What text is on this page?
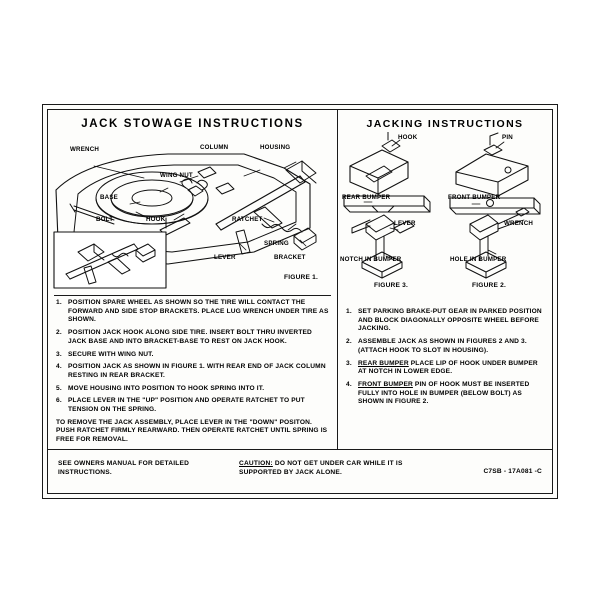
JACK STOWAGE INSTRUCTIONS
WRENCH	COLUMN	HOUSING
WING NUT
BASE
BOLT	HOOK	RATCHET
SPRING
LEVER	BRACKET
FIGURE 1.
1. POSITION SPARE WHEEL AS SHOWN SO THE TIRE WILL CONTACT THE FORWARD AND SIDE STOP BRACKETS. PLACE LUG WRENCH UNDER TIRE AS SHOWN.
2. POSITION JACK HOOK ALONG SIDE TIRE. INSERT BOLT THRU INVERTED JACK BASE AND INTO BRACKET-BASE TO REST ON JACK HOOK.
3. SECURE WITH WING NUT.
4. POSITION JACK AS SHOWN IN FIGURE 1. WITH REAR END OF JACK COLUMN RESTING IN REAR BRACKET.
5. MOVE HOUSING INTO POSITION TO HOOK SPRING INTO IT.
6. PLACE LEVER IN THE "UP" POSITION AND OPERATE RATCHET TO PUT TENSION ON THE SPRING.
TO REMOVE THE JACK ASSEMBLY, PLACE LEVER IN THE "DOWN" POSITON. PUSH RATCHET FIRMLY REARWARD. THEN OPERATE RATCHET UNTIL SPRING IS FREE FOR REMOVAL.
JACKING INSTRUCTIONS
HOOK	PIN
REAR BUMPER	FRONT BUMPER
LEVER	WRENCH
NOTCH IN BUMPER	HOLE IN BUMPER
FIGURE 3.	FIGURE 2.
1. SET PARKING BRAKE-PUT GEAR IN PARKED POSITION AND BLOCK DIAGONALLY OPPOSITE WHEEL BEFORE JACKING.
2. ASSEMBLE JACK AS SHOWN IN FIGURES 2 AND 3. (ATTACH HOOK TO SLOT IN HOUSING).
3. REAR BUMPER PLACE LIP OF HOOK UNDER BUMPER AT NOTCH IN LOWER EDGE.
4. FRONT BUMPER PIN OF HOOK MUST BE INSERTED FULLY INTO HOLE IN BUMPER (BELOW BOLT) AS SHOWN IN FIGURE 2.
SEE OWNERS MANUAL FOR DETAILED INSTRUCTIONS.
CAUTION: DO NOT GET UNDER CAR WHILE IT IS SUPPORTED BY JACK ALONE.	C7SB - 17A081 -C
